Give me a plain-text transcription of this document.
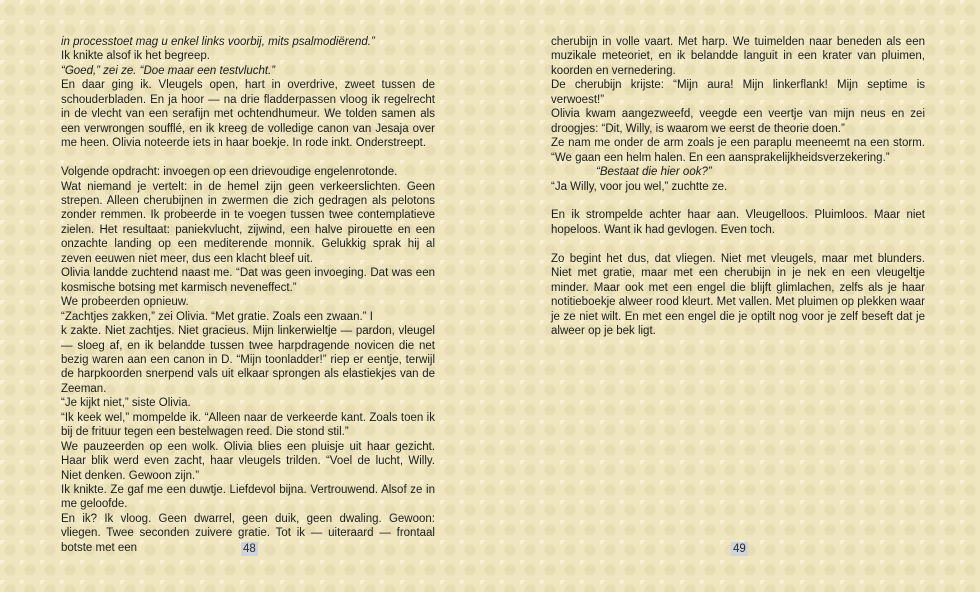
in processtoet mag u enkel links voorbij, mits psalmodiërend.”

Ik knikte alsof ik het begreep.

“Goed,” zei ze. “Doe maar een testvlucht.”

En daar ging ik. Vleugels open, hart in overdrive, zweet tussen de schouderbladen. En ja hoor — na drie fladderpassen vloog ik regelrecht in de vlecht van een serafijn met ochtendhumeur. We tolden samen als een verwrongen soufflé, en ik kreeg de volledige canon van Jesaja over me heen. Olivia noteerde iets in haar boekje. In rode inkt. Onderstreept.

Volgende opdracht: invoegen op een drievoudige engelenrotonde.

Wat niemand je vertelt: in de hemel zijn geen verkeerslichten. Geen strepen. Alleen cherubijnen in zwermen die zich gedragen als pelotons zonder remmen. Ik probeerde in te voegen tussen twee contemplatieve zielen. Het resultaat: paniekvlucht, zijwind, een halve pirouette en een onzachte landing op een mediterende monnik. Gelukkig sprak hij al zeven eeuwen niet meer, dus een klacht bleef uit.

Olivia landde zuchtend naast me. “Dat was geen invoeging. Dat was een kosmische botsing met karmisch neveneffect.”

We probeerden opnieuw.

“Zachtjes zakken,” zei Olivia. “Met gratie. Zoals een zwaan.” I

k zakte. Niet zachtjes. Niet gracieus. Mijn linkerwieltje — pardon, vleugel — sloeg af, en ik belandde tussen twee harpdragende novicen die net bezig waren aan een canon in D. “Mijn toonladder!” riep er eentje, terwijl de harpkoorden snerpend vals uit elkaar sprongen als elastiekjes van de Zeeman.

“Je kijkt niet,” siste Olivia.

“Ik keek wel,” mompelde ik. “Alleen naar de verkeerde kant. Zoals toen ik bij de frituur tegen een bestelwagen reed. Die stond stil.”

We pauzeerden op een wolk. Olivia blies een pluisje uit haar gezicht. Haar blik werd even zacht, haar vleugels trilden. “Voel de lucht, Willy. Niet denken. Gewoon zijn.”

Ik knikte. Ze gaf me een duwtje. Liefdevol bijna. Vertrouwend. Alsof ze in me geloofde.

En ik? Ik vloog. Geen dwarrel, geen duik, geen dwaling. Gewoon: vliegen. Twee seconden zuivere gratie. Tot ik — uiteraard — frontaal botste met een	48

cherubijn in volle vaart. Met harp. We tuimelden naar beneden als een muzikale meteoriet, en ik belandde languit in een krater van pluimen, koorden en vernedering.

De cherubijn krijste: “Mijn aura! Mijn linkerflank! Mijn septime is verwoest!”

Olivia kwam aangezweefd, veegde een veertje van mijn neus en zei droogjes: “Dit, Willy, is waarom we eerst de theorie doen.”

Ze nam me onder de arm zoals je een paraplu meeneemt na een storm. “We gaan een helm halen. En een aansprakelijkheidsverzekering.”

“Bestaat die hier ook?”

“Ja Willy, voor jou wel,” zuchtte ze.

En ik strompelde achter haar aan. Vleugelloos. Pluimloos. Maar niet hopeloos. Want ik had gevlogen. Even toch.

Zo begint het dus, dat vliegen. Niet met vleugels, maar met blunders. Niet met gratie, maar met een cherubijn in je nek en een vleugeltje minder. Maar ook met een engel die blijft glimlachen, zelfs als je haar notitieboekje alweer rood kleurt. Met vallen. Met pluimen op plekken waar je ze niet wilt. En met een engel die je optilt nog voor je zelf beseft dat je alweer op je bek ligt.

49
